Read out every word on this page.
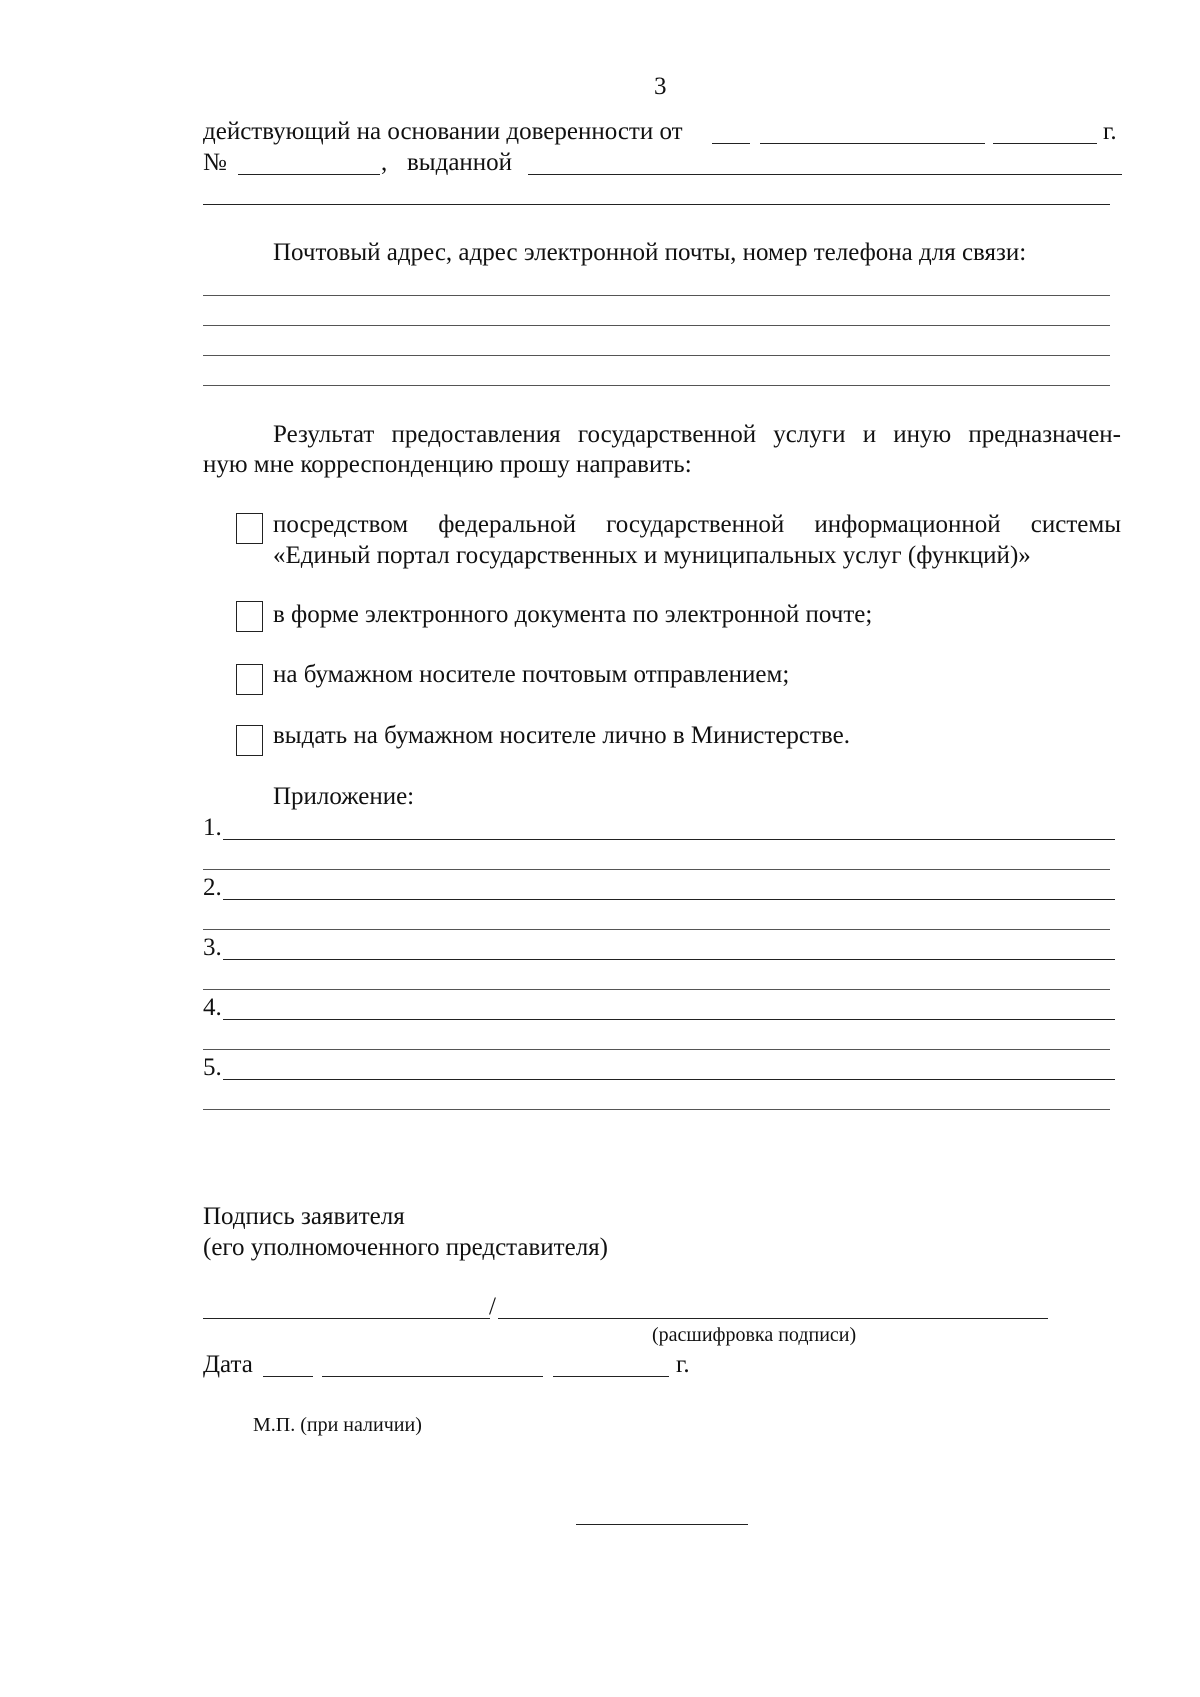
3
действующий на основании доверенности от	г.
№	, выданной
Почтовый адрес, адрес электронной почты, номер телефона для связи:
Результат предоставления государственной услуги и иную предназначен-
ную мне корреспонденцию прошу направить:
посредством федеральной государственной информационной системы
«Единый портал государственных и муниципальных услуг (функций)»
в форме электронного документа по электронной почте;
на бумажном носителе почтовым отправлением;
выдать на бумажном носителе лично в Министерстве.
Приложение:
1.
2.
3.
4.
5.
Подпись заявителя
(его уполномоченного представителя)
/
(расшифровка подписи)
Дата	г.
М.П. (при наличии)
